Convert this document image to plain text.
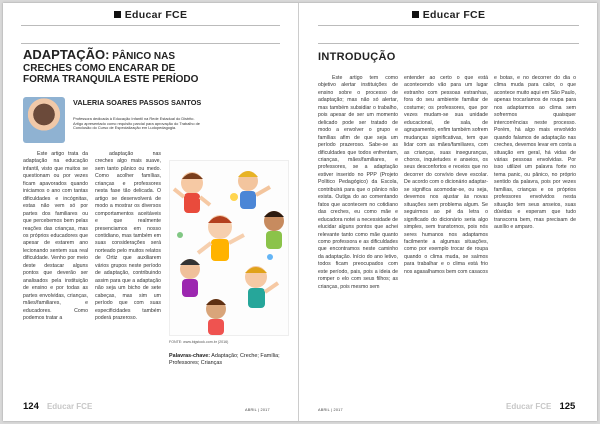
Educar FCE
ADAPTAÇÃO: PÂNICO NAS CRECHES COMO ENCARAR DE FORMA TRANQUILA ESTE PERÍODO
VALERIA SOARES PASSOS SANTOS
Professora dedicada à Educação Infantil na Rede Estadual do Distrito. Artigo apresentado como requisito parcial para aprovação do Trabalho de Conclusão do Curso de Especialização em Ludopedagogia.

Este artigo trata da adaptação na educação infantil, visto que muitos se questionam ou por vezes ficam apavorados quando iniciamos o ano com tantas dificuldades e incógnitas, estas não vem só por partes dos familiares ou que percebemos bem pelas reações das crianças, mas os próprios educadores que apesar de estarem ano lecionando sentem sua real dificuldade. Venho por meio deste destacar alguns pontos que deverão ser analisados pela instituição de ensino e por todas as partes envolvidas, crianças, mães/familiares, e educadores. Como podemos tratar a

adaptação nas creches algo mais suave, sem tanto pânico ou medo. Como acolher famílias, crianças e professores nesta fase tão delicada. O artigo se desenvolverá de modo a mostrar os diversos comportamentos aceitáveis e que realmente presenciamos em nosso contidiano, mas também em suas considerações será norteado pelo muitos relatos de Ortiz que auxiliarem vários grupos neste período de adaptação, contribuindo assim para que a adaptação não seja um bicho de sete cabeças, mas sim um período que com suas especificidades também poderá prazeroso.

FONTE: www.bigstock.com.br (2016)
Palavras-chave: Adaptação; Creche; Família; Professores; Crianças
124 Educar FCE	ABRIL | 2017
Educar FCE
INTRODUÇÃO

Este artigo tem como objetivo alertar instituições de ensino sobre o processo de adaptação; mas não só alertar, mas também subsidiar o trabalho, pois apesar de ser um momento delicado pode ser tratado de modo a envolver o grupo e famílias afim de que seja um período prazeroso. Sabe-se as dificuldades que todos enfrentam, crianças, mães/familiares, e professores, se a adaptação estiver inserido no PPP (Projeto Político Pedagógico) da Escola, contribuirá para que o pânico não exista. Outiga do ao comentando fatos que acontecem no cotidiano das creches, eu como mãe e educadora notei a necessidade de elucidar alguns pontos que achei relevante tanto como mãe quanto como professora e as dificuldades que encontramos neste caminho da adaptação. Início do ano letivo, todos ficam preocupados com este período, pais, pois a ideia de romper o elo com seus filhos; as crianças, pois mesmo sem

entender ao certo o que está acontecendo vão para um lugar estranho com pessoas estranhas, fora do seu ambiente familiar de costume; os professores, que por vezes mudam-se sua unidade educacional, de sala, de agrupamento, enfim também sofrem mudanças significativas, tem que lidar com as mães/familiares, com as crianças, suas inseguranças, choros, inquietudes e anseios, os seus desconfortos e receios que no decorrer do convívio deve escolar. De acordo com o dicionário adaptar-se significa acomodar-se, ou seja, devemos nos ajustar às novas situações sem problema algum. Se seguirmos ao pé da letra o significado do dicionário seria algo simples, sem transtornos, pois nós seres humanos nos adaptamos facilmente a algumas situações, como por exemplo trocar de roupa quando o clima muda, se saímos para trabalhar e o clima está frio nos agasalhamos bem com casacos

e botas, e no decorrer do dia o clima muda para calor, o que acontece muito aqui em São Paulo, apenas trocaríamos de roupa para nos adaptarmos ao clima sem sofrermos quaisquer intercorrências neste processo. Porém, há algo mais envolvido quando falamos de adaptação nas creches, devemos levar em conta a situação em geral, há vidas de várias pessoas envolvidas. Por isso utilizei um palavra forte no tema panic, ou pânico, no próprio sentido da palavra, pois por vezes famílias, crianças e os próprios professores envolvidos nesta situação tem seus anseios, suas dúvidas e esperam que tudo transcorra bem, mas precisam de auxílio e amparo.

ABRIL | 2017	Educar FCE 125
